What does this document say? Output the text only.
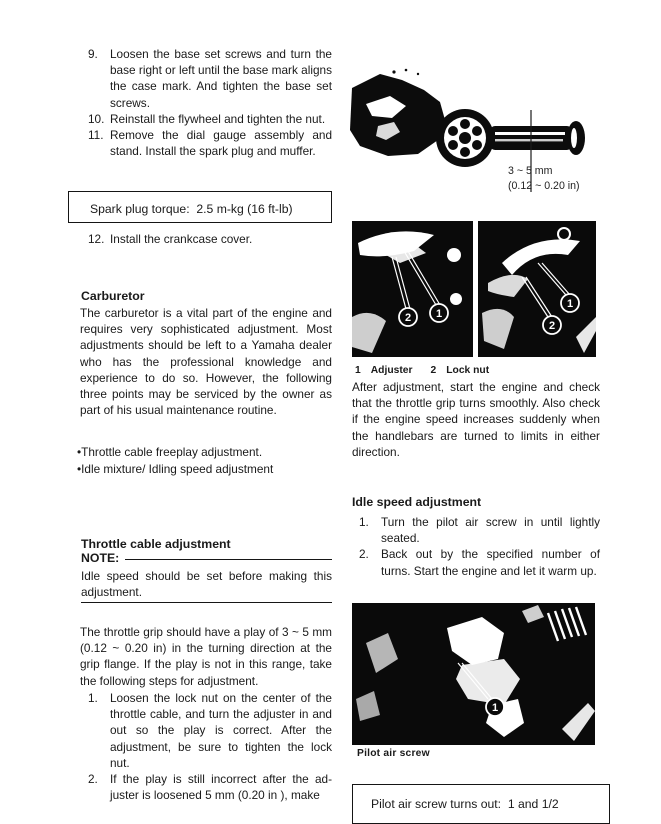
9.	Loosen the base set screws and turn the base right or left until the base mark aligns the case mark. And tighten the base set screws.
10. Reinstall the flywheel and tighten the nut.
11. Remove the dial gauge assembly and stand. Install the spark plug and muffer.
Spark plug torque:  2.5 m-kg (16 ft-lb)
12. Install the crankcase cover.
Carburetor
The carburetor is a vital part of the engine and requires very sophisticated adjustment. Most adjustments should be left to a Yamaha dealer who has the professional knowledge and experience to do so. However, the following three points may be serviced by the owner as part of his usual maintenance routine.
•Throttle cable freeplay adjustment.
•Idle mixture/ Idling speed adjustment
Throttle cable adjustment
NOTE:
Idle speed should be set before making this adjustment.
The throttle grip should have a play of 3 ~ 5 mm (0.12 ~ 0.20 in) in the turning direction at the grip flange. If the play is not in this range, take the following steps for adjustment.
1.	Loosen the lock nut on the center of the throttle cable, and turn the adjuster in and out so the play is correct. After the adjustment, be sure to tighten the lock nut.
2.	If the play is still incorrect after the ad-juster is loosened 5 mm (0.20 in ), make
3 ~ 5 mm
(0.12 ~ 0.20 in)
2 1
1
2
1 Adjuster 2 Lock nut
After adjustment, start the engine and check that the throttle grip turns smoothly. Also check if the engine speed increases suddenly when the handlebars are turned to limits in either direction.
Idle speed adjustment
1.	Turn the pilot air screw in until lightly seated.
2.	Back out by the specified number of turns. Start the engine and let it warm up.
1
Pilot air screw
Pilot air screw turns out:  1 and 1/2
